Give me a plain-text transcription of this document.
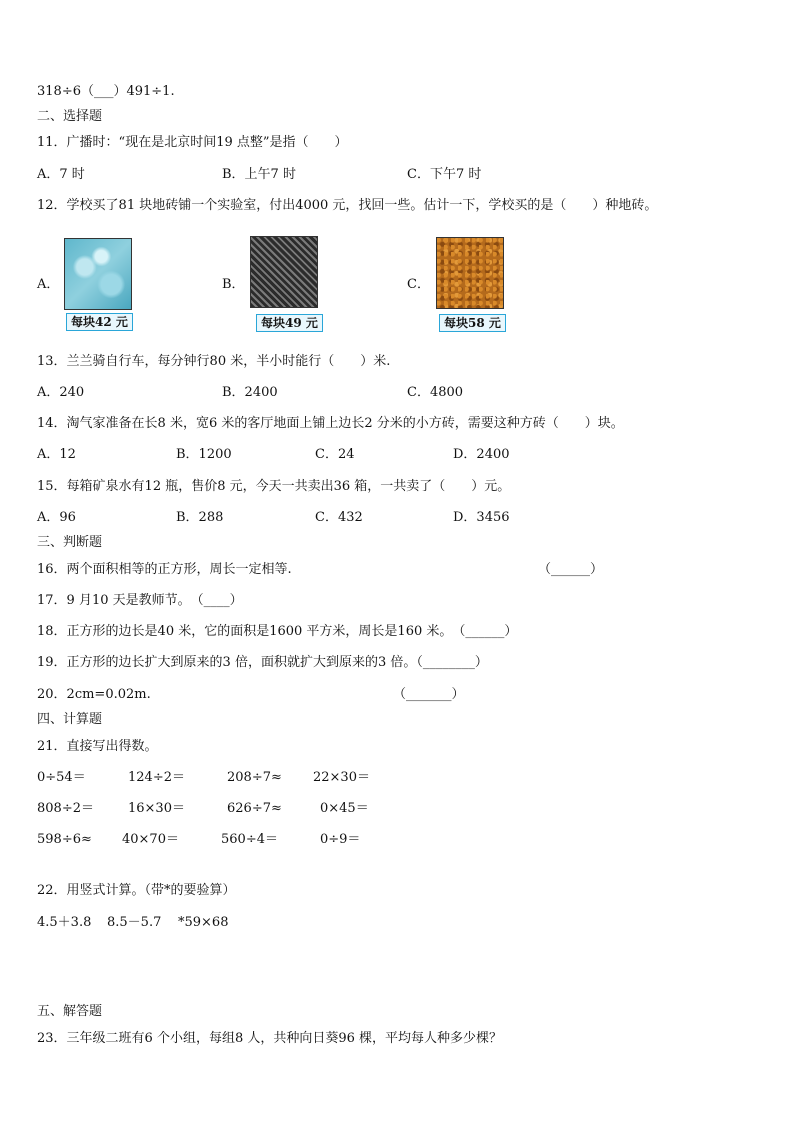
318÷6（___）491÷1.
二、选择题
11．广播时：“现在是北京时间19 点整”是指（　　）
A．7 时	B．上午7 时	C．下午7 时
12．学校买了81 块地砖铺一个实验室，付出4000 元，找回一些。估计一下，学校买的是（　　）种地砖。
A．
每块42 元
B．
每块49 元
C．
每块58 元
13．兰兰骑自行车，每分钟行80 米，半小时能行（　　）米.
A．240	B．2400	C．4800
14．淘气家准备在长8 米，宽6 米的客厅地面上铺上边长2 分米的小方砖，需要这种方砖（　　）块。
A．12	B．1200	C．24	D．2400
15．每箱矿泉水有12 瓶，售价8 元，今天一共卖出36 箱，一共卖了（　　）元。
A．96	B．288	C．432	D．3456
三、判断题
16．两个面积相等的正方形，周长一定相等.	（______）
17．9 月10 天是教师节。　（____）
18．正方形的边长是40 米，它的面积是1600 平方米，周长是160 米。　（______）
19．正方形的边长扩大到原来的3 倍，面积就扩大到原来的3 倍。（________）
20．2cm=0.02m.	（_______）
四、计算题
21．直接写出得数。
0÷54＝	124÷2＝	208÷7≈ 22×30＝
808÷2＝	16×30＝	626÷7≈	0×45＝
598÷6≈ 40×70＝	560÷4＝	0÷9＝
22．用竖式计算。（带*的要验算）
4.5＋3.8 8.5－5.7 *59×68
五、解答题
23．三年级二班有6 个小组，每组8 人，共种向日葵96 棵，平均每人种多少棵？
